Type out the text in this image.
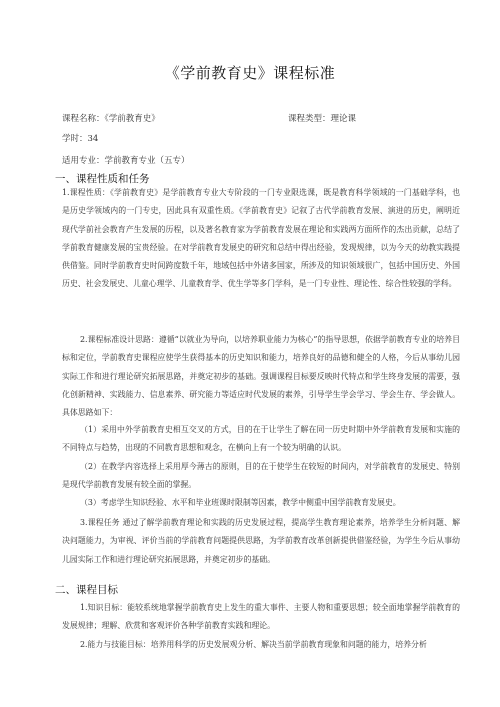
《学前教育史》课程标准
课程名称：《学前教育史》	课程类型：理论课
学时：34
适用专业：学前教育专业（五专）
一、课程性质和任务
1.课程性质：《学前教育史》是学前教育专业大专阶段的一门专业限选课，既是教育科学领域的一门基础学科，也是历史学领域内的一门专史，因此具有双重性质。《学前教育史》记叙了古代学前教育发展、演进的历史，阐明近现代学前社会教育产生发展的历程，以及著名教育家为学前教育发展在理论和实践两方面所作的杰出贡献，总结了学前教育健康发展的宝贵经验。在对学前教育发展史的研究和总结中得出经验，发现规律，以为今天的幼教实践提供借鉴。同时学前教育史时间跨度数千年，地域包括中外诸多国家，所涉及的知识领域很广，包括中国历史、外国历史、社会发展史、儿童心理学、儿童教育学、优生学等多门学科，是一门专业性、理论性、综合性较强的学科。
2.课程标准设计思路：遵循“以就业为导向，以培养职业能力为核心”的指导思想，依据学前教育专业的培养目标和定位，学前教育史课程应使学生获得基本的历史知识和能力，培养良好的品德和健全的人格，今后从事幼儿园实际工作和进行理论研究拓展思路，并奠定初步的基础。强调课程目标要反映时代特点和学生终身发展的需要，强化创新精神、实践能力、信息素养、研究能力等适应时代发展的素养，引导学生学会学习、学会生存、学会做人。具体思路如下：
（1）采用中外学前教育史相互交叉的方式，目的在于让学生了解在同一历史时期中外学前教育发展和实施的不同特点与趋势，出现的不同教育思想和观念，在横向上有一个较为明确的认识。
（2）在教学内容选择上采用厚今薄古的原则，目的在于使学生在较短的时间内，对学前教育的发展史、特别是现代学前教育发展有较全面的掌握。
（3）考虑学生知识经验、水平和毕业班课时限制等因素，教学中侧重中国学前教育发展史。
3.课程任务 通过了解学前教育理论和实践的历史发展过程，提高学生教育理论素养，培养学生分析问题、解决问题能力，为审视、评价当前的学前教育问题提供思路，为学前教育改革创新提供借鉴经验，为学生今后从事幼儿园实际工作和进行理论研究拓展思路，并奠定初步的基础。
二、课程目标
1.知识目标：能较系统地掌握学前教育史上发生的重大事件、主要人物和重要思想；较全面地掌握学前教育的发展规律；理解、欣赏和客观评价各种学前教育实践和理论。
2.能力与技能目标：培养用科学的历史发展观分析、解决当前学前教育现象和问题的能力，培养分析
